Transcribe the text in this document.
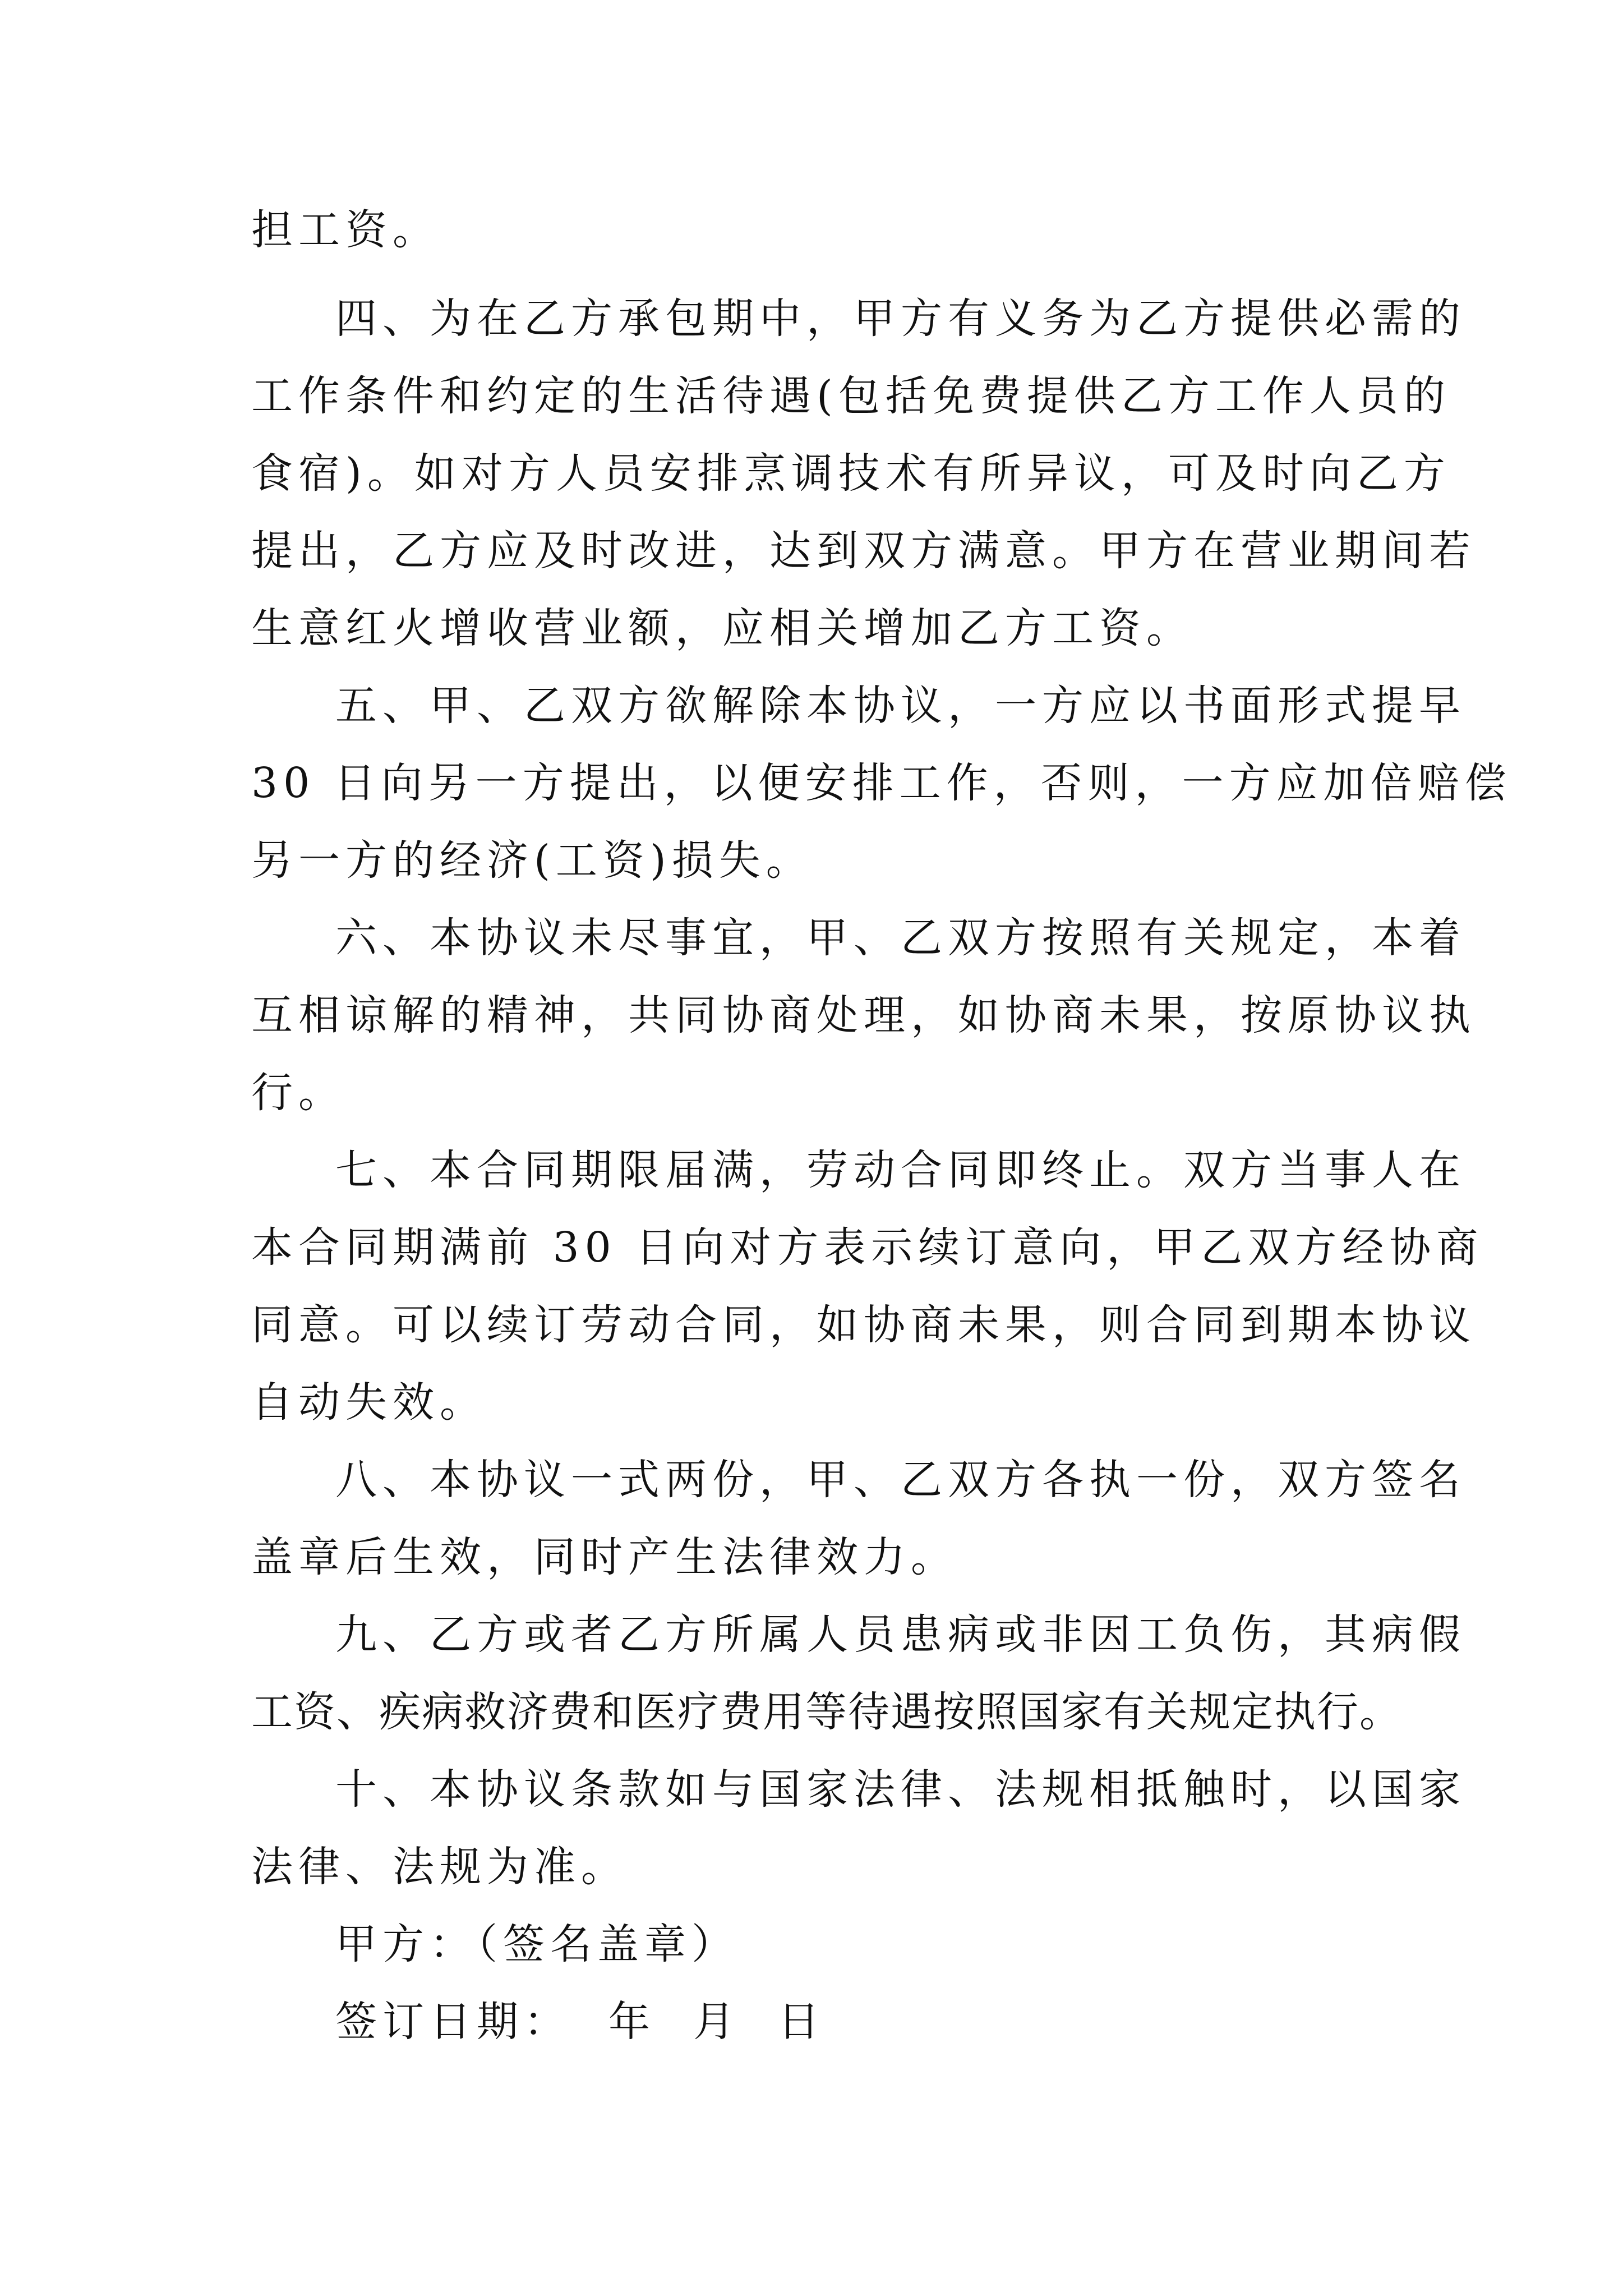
担工资。
四、为在乙方承包期中，甲方有义务为乙方提供必需的
工作条件和约定的生活待遇(包括免费提供乙方工作人员的
食宿)。如对方人员安排烹调技术有所异议，可及时向乙方
提出，乙方应及时改进，达到双方满意。甲方在营业期间若
生意红火增收营业额，应相关增加乙方工资。
五、甲、乙双方欲解除本协议，一方应以书面形式提早
30 日向另一方提出，以便安排工作，否则，一方应加倍赔偿
另一方的经济(工资)损失。
六、本协议未尽事宜，甲、乙双方按照有关规定，本着
互相谅解的精神，共同协商处理，如协商未果，按原协议执
行。
七、本合同期限届满，劳动合同即终止。双方当事人在
本合同期满前 30 日向对方表示续订意向，甲乙双方经协商
同意。可以续订劳动合同，如协商未果，则合同到期本协议
自动失效。
八、本协议一式两份，甲、乙双方各执一份，双方签名
盖章后生效，同时产生法律效力。
九、乙方或者乙方所属人员患病或非因工负伤，其病假
工资、疾病救济费和医疗费用等待遇按照国家有关规定执行。
十、本协议条款如与国家法律、法规相抵触时，以国家
法律、法规为准。
甲方：（签名盖章）
签订日期：  年  月  日
